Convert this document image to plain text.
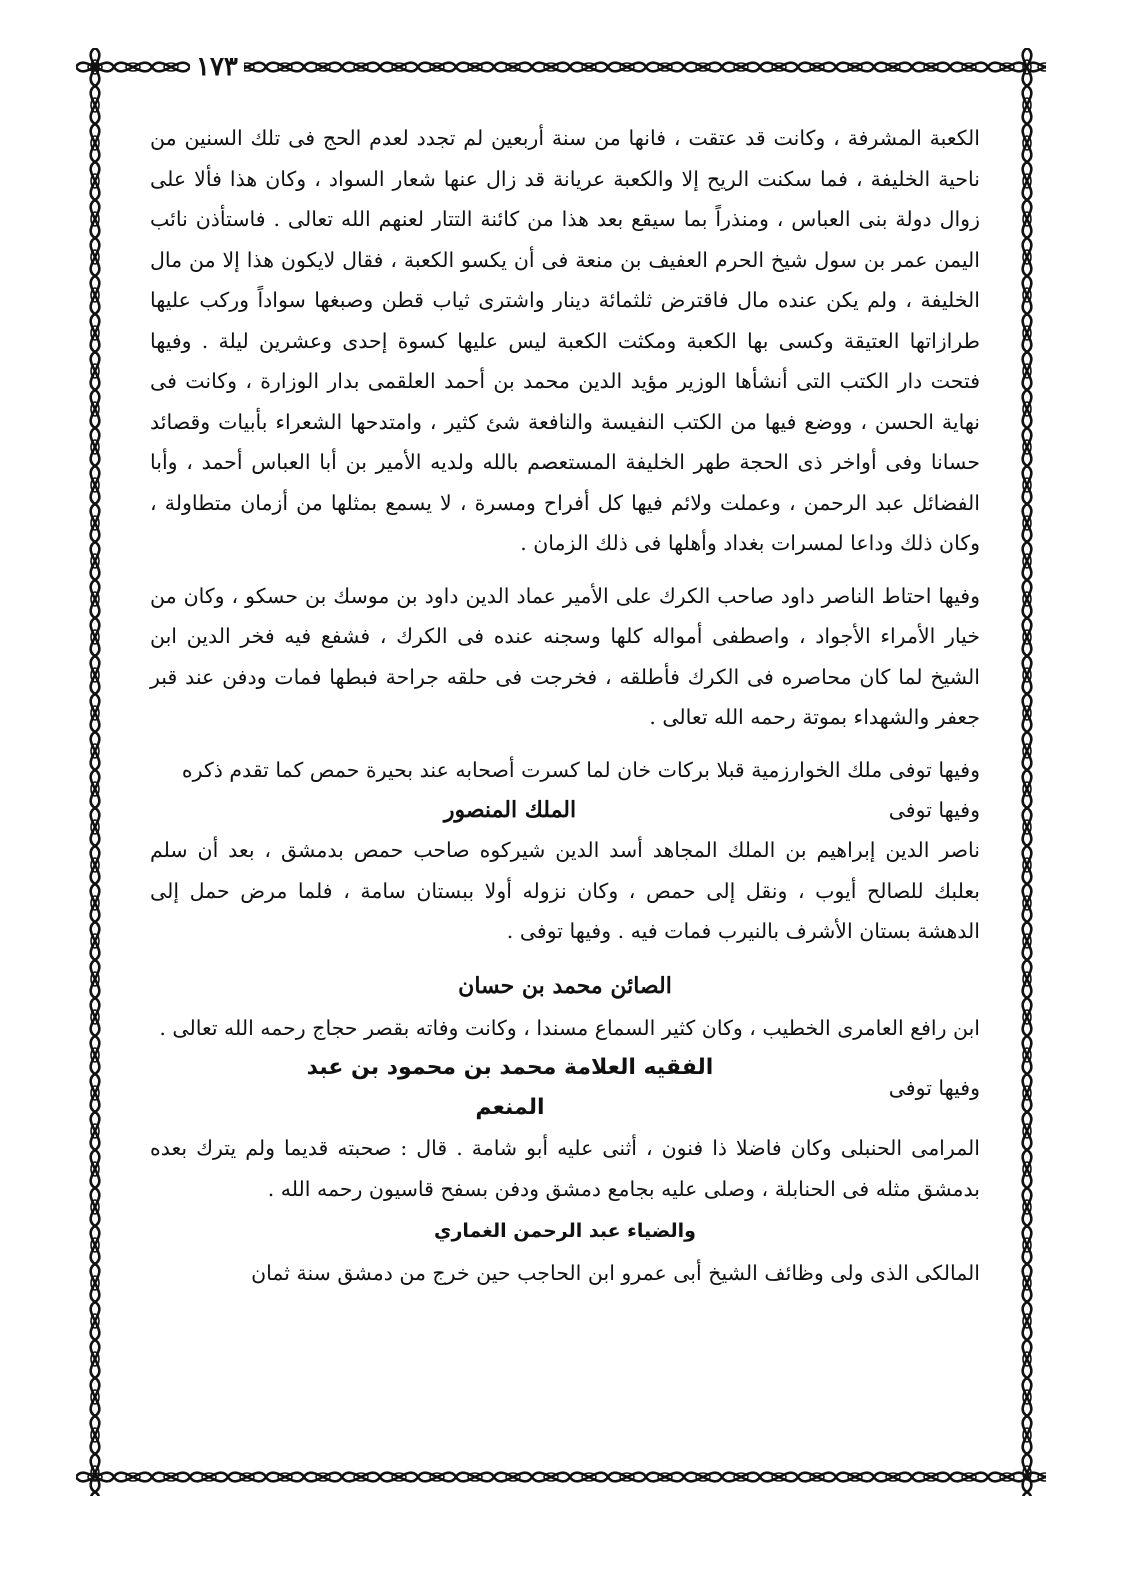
١٧٣

الكعبة المشرفة ، وكانت قد عتقت ، فانها من سنة أربعين لم تجدد لعدم الحج فى تلك السنين من ناحية الخليفة ، فما سكنت الريح إلا والكعبة عريانة قد زال عنها شعار السواد ، وكان هذا فألا على زوال دولة بنى العباس ، ومنذراً بما سيقع بعد هذا من كائنة التتار لعنهم الله تعالى . فاستأذن نائب اليمن عمر بن سول شيخ الحرم العفيف بن منعة فى أن يكسو الكعبة ، فقال لايكون هذا إلا من مال الخليفة ، ولم يكن عنده مال فاقترض ثلثمائة دينار واشترى ثياب قطن وصبغها سواداً وركب عليها طرازاتها العتيقة وكسى بها الكعبة ومكثت الكعبة ليس عليها كسوة إحدى وعشرين ليلة . وفيها فتحت دار الكتب التى أنشأها الوزير مؤيد الدين محمد بن أحمد العلقمى بدار الوزارة ، وكانت فى نهاية الحسن ، ووضع فيها من الكتب النفيسة والنافعة شئ كثير ، وامتدحها الشعراء بأبيات وقصائد حسانا وفى أواخر ذى الحجة طهر الخليفة المستعصم بالله ولديه الأمير بن أبا العباس أحمد ، وأبا الفضائل عبد الرحمن ، وعملت ولائم فيها كل أفراح ومسرة ، لا يسمع بمثلها من أزمان متطاولة ، وكان ذلك وداعا لمسرات بغداد وأهلها فى ذلك الزمان .

وفيها احتاط الناصر داود صاحب الكرك على الأمير عماد الدين داود بن موسك بن حسكو ، وكان من خيار الأمراء الأجواد ، واصطفى أمواله كلها وسجنه عنده فى الكرك ، فشفع فيه فخر الدين ابن الشيخ لما كان محاصره فى الكرك فأطلقه ، فخرجت فى حلقه جراحة فبطها فمات ودفن عند قبر جعفر والشهداء بموتة رحمه الله تعالى .

وفيها توفى ملك الخوارزمية قبلا بركات خان لما كسرت أصحابه عند بحيرة حمص كما تقدم ذكره

وفيها توفى
الملك المنصور

ناصر الدين إبراهيم بن الملك المجاهد أسد الدين شيركوه صاحب حمص بدمشق ، بعد أن سلم بعلبك للصالح أيوب ، ونقل إلى حمص ، وكان نزوله أولا ببستان سامة ، فلما مرض حمل إلى الدهشة بستان الأشرف بالنيرب فمات فيه . وفيها توفى .

الصائن محمد بن حسان

ابن رافع العامرى الخطيب ، وكان كثير السماع مسندا ، وكانت وفاته بقصر حجاج رحمه الله تعالى .

وفيها توفى
الفقيه العلامة محمد بن محمود بن عبد المنعم

المرامى الحنبلى وكان فاضلا ذا فنون ، أثنى عليه أبو شامة . قال : صحبته قديما ولم يترك بعده بدمشق مثله فى الحنابلة ، وصلى عليه بجامع دمشق ودفن بسفح قاسيون رحمه الله .

والضياء عبد الرحمن الغماري

المالكى الذى ولى وظائف الشيخ أبى عمرو ابن الحاجب حين خرج من دمشق سنة ثمان
